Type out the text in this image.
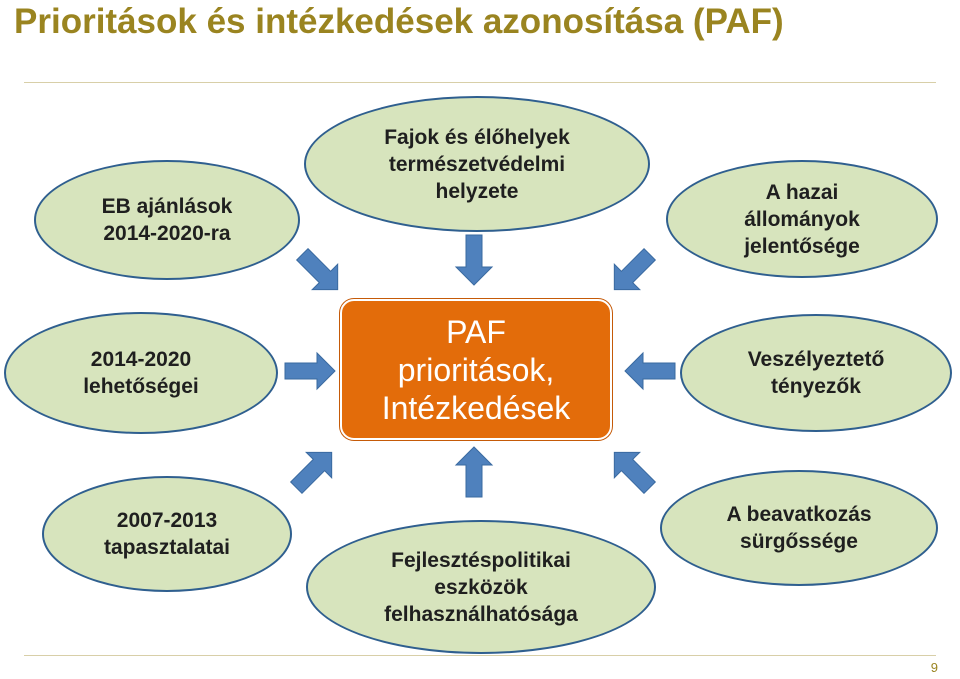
Prioritások és intézkedések azonosítása (PAF)
EB ajánlások
2014-2020-ra
Fajok és élőhelyek
természetvédelmi
helyzete	A hazai
állományok
jelentősége
2014-2020
lehetőségei
PAF
prioritások,
Intézkedések
Veszélyeztető
tényezők
2007-2013
tapasztalatai
Fejlesztéspolitikai
eszközök
felhasználhatósága
A beavatkozás
sürgőssége
9
